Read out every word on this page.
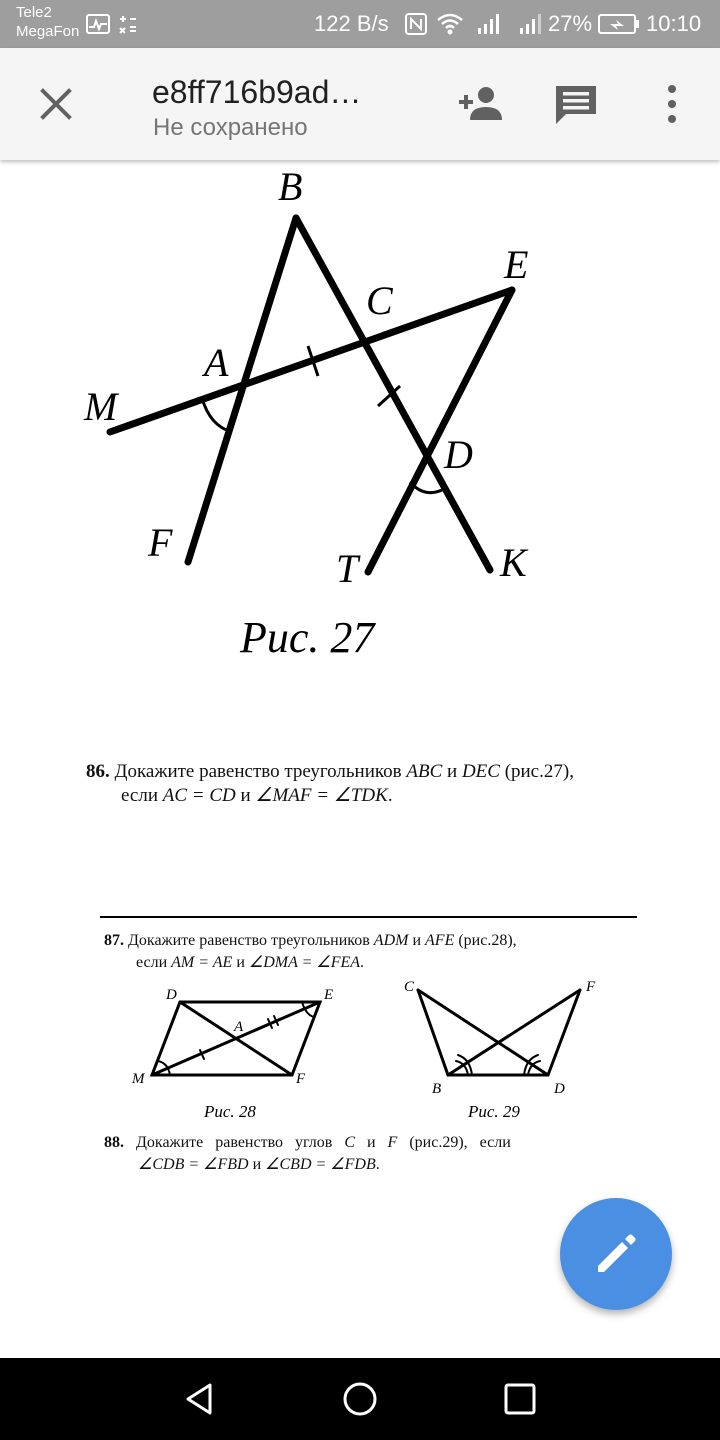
Tele2
MegaFon	122 B/s	27% 10:10
e8ff716b9ad…
Не сохранено
B
E
C
A
M
D
F
T	K
Рис. 27
86. Докажите равенство треугольников ABC и DEC (рис.27),
если AC = CD и ∠MAF = ∠TDK.
87. Докажите равенство треугольников ADM и AFE (рис.28),
если AM = AE и ∠DMA = ∠FEA.
D	E
A
M	F
C	F
B	D
Рис. 28	Рис. 29
88. Докажите равенство углов C и F (рис.29), если
∠CDB = ∠FBD и ∠CBD = ∠FDB.
